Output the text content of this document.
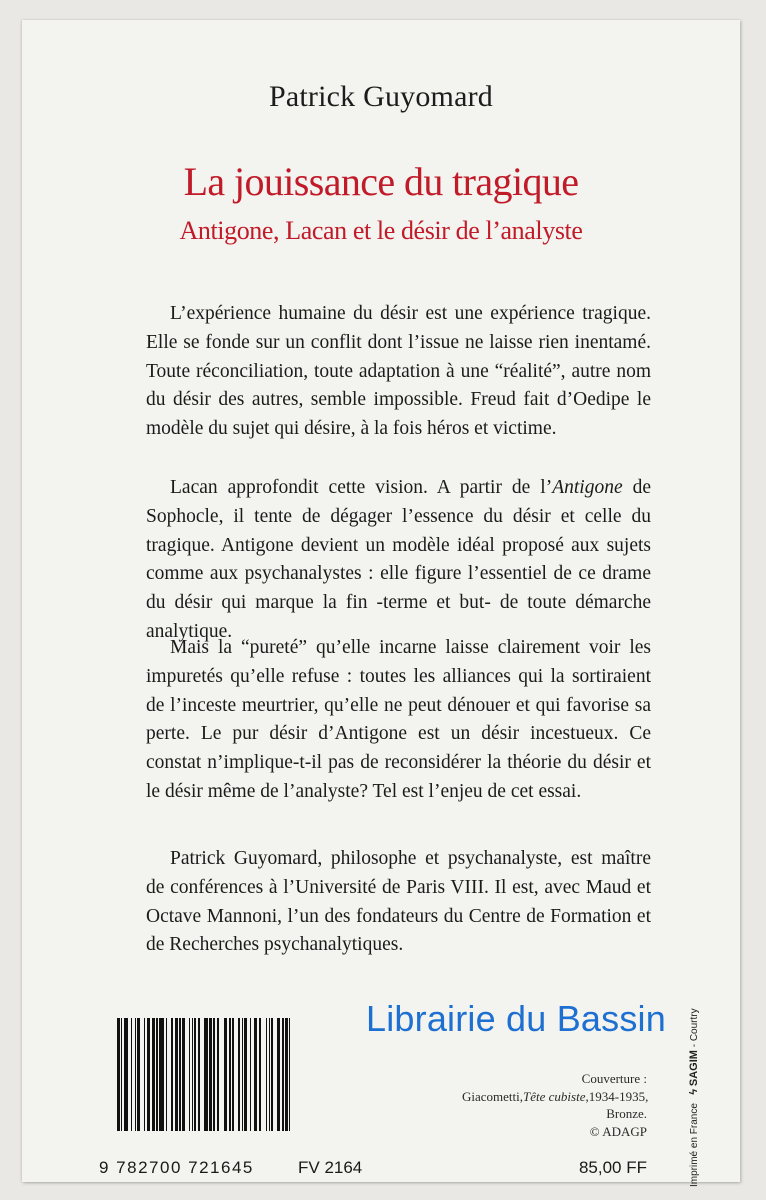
Patrick Guyomard
La jouissance du tragique
Antigone, Lacan et le désir de l’analyste

L’expérience humaine du désir est une expérience tragique. Elle se fonde sur un conflit dont l’issue ne laisse rien inentamé. Toute réconciliation, toute adaptation à une “réalité”, autre nom du désir des autres, semble impossible. Freud fait d’Oedipe le modèle du sujet qui désire, à la fois héros et victime.

Lacan approfondit cette vision. A partir de l’Antigone de Sophocle, il tente de dégager l’essence du désir et celle du tragique. Antigone devient un modèle idéal proposé aux sujets comme aux psychanalystes : elle figure l’essentiel de ce drame du désir qui marque la fin -terme et but- de toute démarche analytique.

Mais la “pureté” qu’elle incarne laisse clairement voir les impuretés qu’elle refuse : toutes les alliances qui la sortiraient de l’inceste meurtrier, qu’elle ne peut dénouer et qui favorise sa perte. Le pur désir d’Antigone est un désir incestueux. Ce constat n’implique-t-il pas de reconsidérer la théorie du désir et le désir même de l’analyste? Tel est l’enjeu de cet essai.

Patrick Guyomard, philosophe et psychanalyste, est maître de conférences à l’Université de Paris VIII. Il est, avec Maud et Octave Mannoni, l’un des fondateurs du Centre de Formation et de Recherches psychanalytiques.
9 782700 721645	FV 2164
Couverture :
Giacometti,Tête cubiste,1934-1935,
Bronze.
© ADAGP
85,00 FF	Imprimé en France   ϟ SAGIM - Courtry
Librairie du Bassin
